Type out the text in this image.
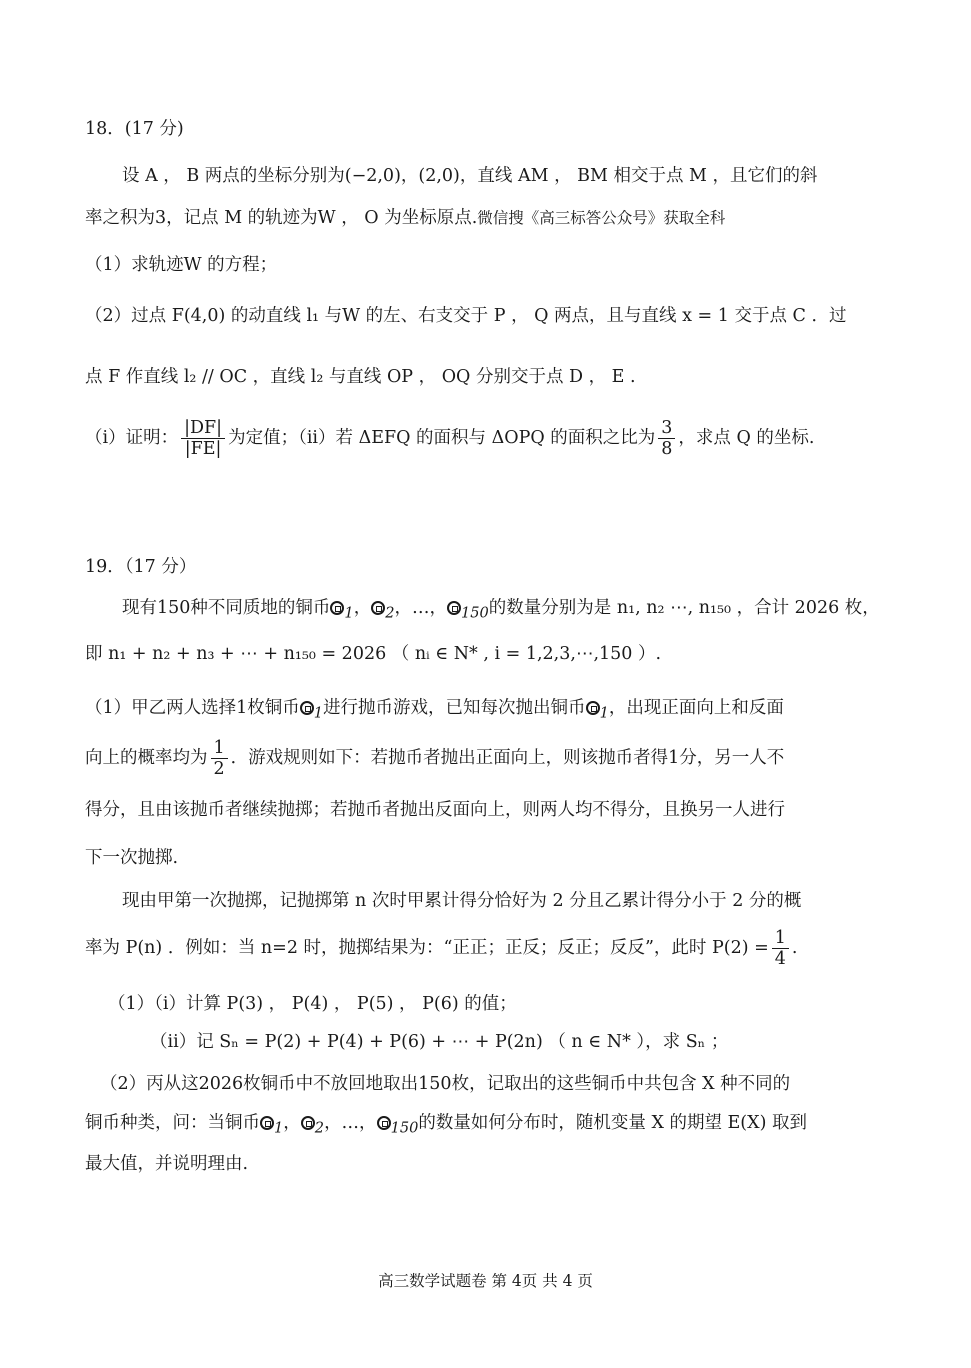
18．(17 分)
设 A ， B 两点的坐标分别为(−2,0)，(2,0)，直线 AM ， BM 相交于点 M ，且它们的斜
率之积为3，记点 M 的轨迹为W ， O 为坐标原点.微信搜《高三标答公众号》获取全科
（1）求轨迹W 的方程；
（2）过点 F(4,0) 的动直线 l₁ 与W 的左、右支交于 P ， Q 两点，且与直线 x = 1 交于点 C ．过
点 F 作直线 l₂ // OC ，直线 l₂ 与直线 OP ， OQ 分别交于点 D ， E .
（i）证明： $\frac{|DF|}{|FE|}$ 为定值；（ii）若 ΔEFQ 的面积与 ΔOPQ 的面积之比为 $\frac{3}{8}$ ，求点 Q 的坐标.
19．（17 分）
现有150种不同质地的铜币 $_1$， $_2$，…， $_{150}$的数量分别为是 n₁, n₂ ⋯, n₁₅₀ ，合计 2026 枚，
即 n₁ + n₂ + n₃ + ⋯ + n₁₅₀ = 2026 （ nᵢ ∈ N* , i = 1,2,3,⋯,150 ）.
（1）甲乙两人选择1枚铜币 $_1$进行抛币游戏，已知每次抛出铜币 $_1$，出现正面向上和反面
向上的概率均为 $\frac{1}{2}$ ．游戏规则如下：若抛币者抛出正面向上，则该抛币者得1分，另一人不
得分，且由该抛币者继续抛掷；若抛币者抛出反面向上，则两人均不得分，且换另一人进行
下一次抛掷.
现由甲第一次抛掷，记抛掷第 n 次时甲累计得分恰好为 2 分且乙累计得分小于 2 分的概
率为 P(n) ．例如：当 n=2 时，抛掷结果为：“正正；正反；反正；反反”，此时 $P(2) = \frac{1}{4}$ .
（1）（i）计算 P(3) ， P(4) ， P(5) ， P(6) 的值；
（ii）记 Sₙ = P(2) + P(4) + P(6) + ⋯ + P(2n) （ n ∈ N* ），求 Sₙ ；
（2）丙从这2026枚铜币中不放回地取出150枚，记取出的这些铜币中共包含 X 种不同的
铜币种类，问：当铜币 $_1$， $_2$，…， $_{150}$的数量如何分布时，随机变量 X 的期望 E(X) 取到
最大值，并说明理由.
高三数学试题卷 第 4页 共 4 页
